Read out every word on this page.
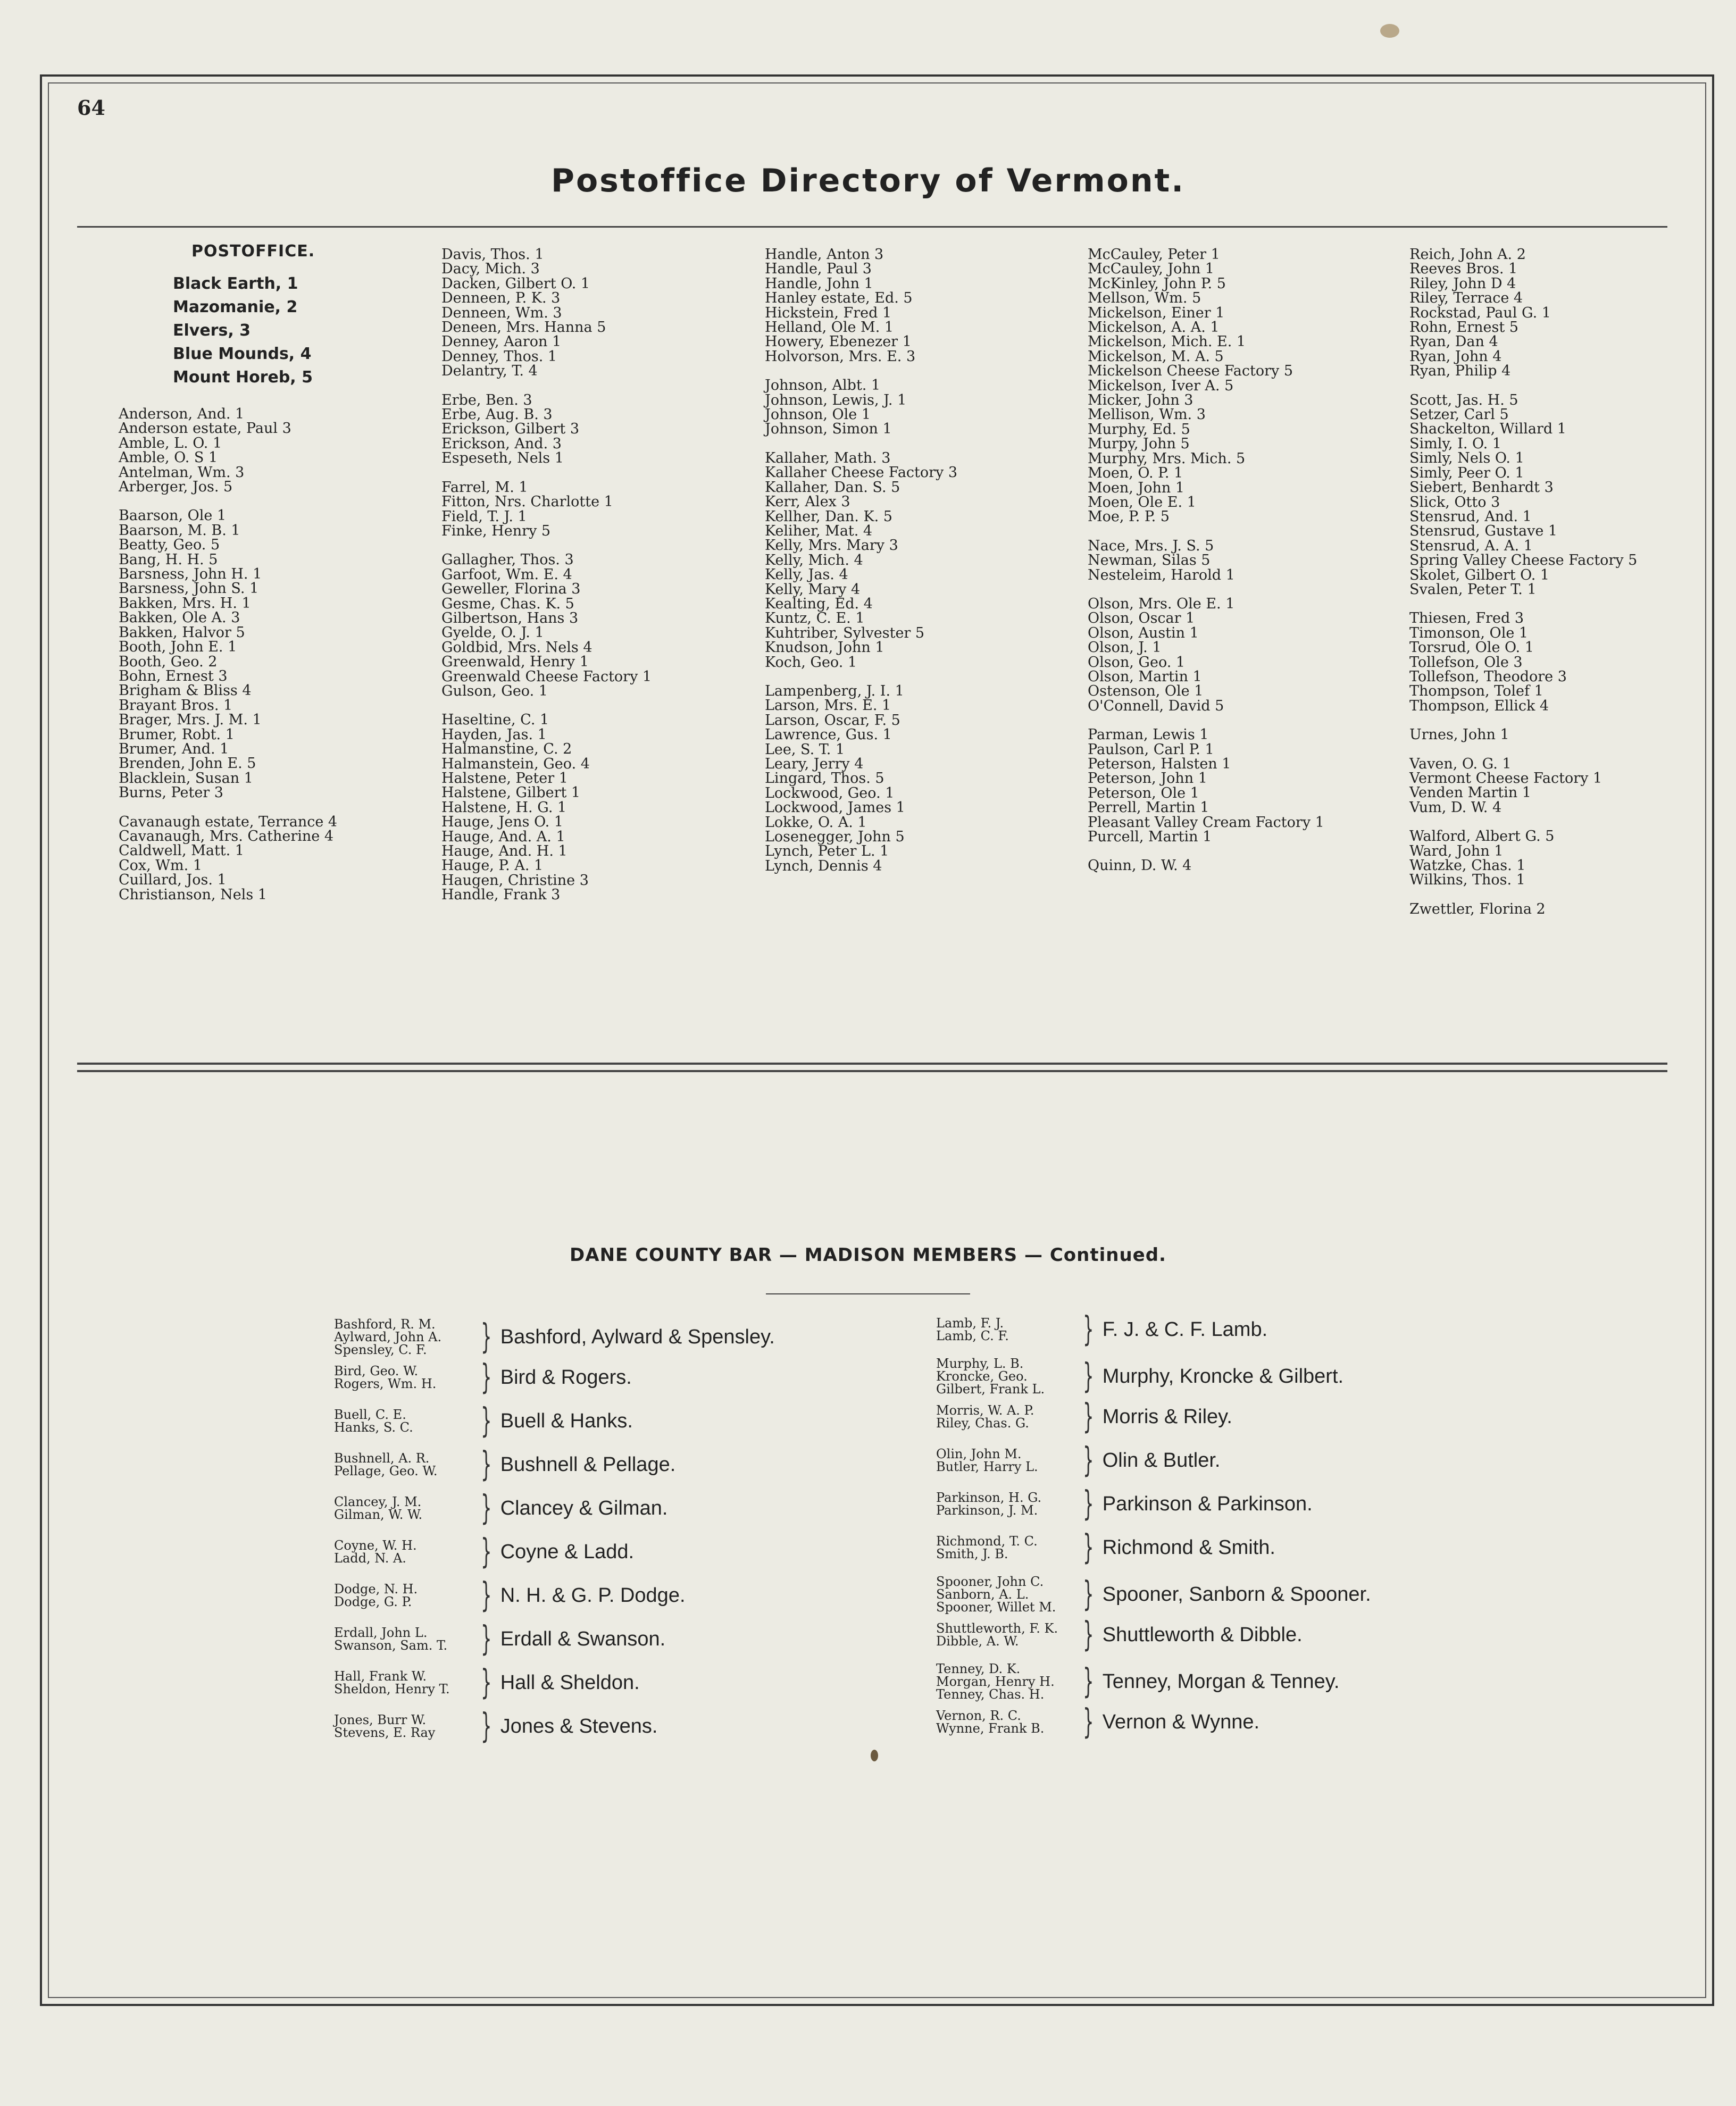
64
Postoffice Directory of Vermont.
POSTOFFICE.
Black Earth, 1
Mazomanie, 2
Elvers, 3
Blue Mounds, 4
Mount Horeb, 5
Anderson, And. 1
Anderson estate, Paul 3
Amble, L. O. 1
Amble, O. S 1
Antelman, Wm. 3
Arberger, Jos. 5
Baarson, Ole 1
Baarson, M. B. 1
Beatty, Geo. 5
Bang, H. H. 5
Barsness, John H. 1
Barsness, John S. 1
Bakken, Mrs. H. 1
Bakken, Ole A. 3
Bakken, Halvor 5
Booth, John E. 1
Booth, Geo. 2
Bohn, Ernest 3
Brigham & Bliss 4
Brayant Bros. 1
Brager, Mrs. J. M. 1
Brumer, Robt. 1
Brumer, And. 1
Brenden, John E. 5
Blacklein, Susan 1
Burns, Peter 3
Cavanaugh estate, Terrance 4
Cavanaugh, Mrs. Catherine 4
Caldwell, Matt. 1
Cox, Wm. 1
Cuillard, Jos. 1
Christianson, Nels 1
Davis, Thos. 1
Dacy, Mich. 3
Dacken, Gilbert O. 1
Denneen, P. K. 3
Denneen, Wm. 3
Deneen, Mrs. Hanna 5
Denney, Aaron 1
Denney, Thos. 1
Delantry, T. 4
Erbe, Ben. 3
Erbe, Aug. B. 3
Erickson, Gilbert 3
Erickson, And. 3
Espeseth, Nels 1
Farrel, M. 1
Fitton, Nrs. Charlotte 1
Field, T. J. 1
Finke, Henry 5
Gallagher, Thos. 3
Garfoot, Wm. E. 4
Geweller, Florina 3
Gesme, Chas. K. 5
Gilbertson, Hans 3
Gyelde, O. J. 1
Goldbid, Mrs. Nels 4
Greenwald, Henry 1
Greenwald Cheese Factory 1
Gulson, Geo. 1
Haseltine, C. 1
Hayden, Jas. 1
Halmanstine, C. 2
Halmanstein, Geo. 4
Halstene, Peter 1
Halstene, Gilbert 1
Halstene, H. G. 1
Hauge, Jens O. 1
Hauge, And. A. 1
Hauge, And. H. 1
Hauge, P. A. 1
Haugen, Christine 3
Handle, Frank 3
Handle, Anton 3
Handle, Paul 3
Handle, John 1
Hanley estate, Ed. 5
Hickstein, Fred 1
Helland, Ole M. 1
Howery, Ebenezer 1
Holvorson, Mrs. E. 3
Johnson, Albt. 1
Johnson, Lewis, J. 1
Johnson, Ole 1
Johnson, Simon 1
Kallaher, Math. 3
Kallaher Cheese Factory 3
Kallaher, Dan. S. 5
Kerr, Alex 3
Kellher, Dan. K. 5
Keliher, Mat. 4
Kelly, Mrs. Mary 3
Kelly, Mich. 4
Kelly, Jas. 4
Kelly, Mary 4
Kealting, Ed. 4
Kuntz, C. E. 1
Kuhtriber, Sylvester 5
Knudson, John 1
Koch, Geo. 1
Lampenberg, J. I. 1
Larson, Mrs. E. 1
Larson, Oscar, F. 5
Lawrence, Gus. 1
Lee, S. T. 1
Leary, Jerry 4
Lingard, Thos. 5
Lockwood, Geo. 1
Lockwood, James 1
Lokke, O. A. 1
Losenegger, John 5
Lynch, Peter L. 1
Lynch, Dennis 4
McCauley, Peter 1
McCauley, John 1
McKinley, John P. 5
Mellson, Wm. 5
Mickelson, Einer 1
Mickelson, A. A. 1
Mickelson, Mich. E. 1
Mickelson, M. A. 5
Mickelson Cheese Factory 5
Mickelson, Iver A. 5
Micker, John 3
Mellison, Wm. 3
Murphy, Ed. 5
Murpy, John 5
Murphy, Mrs. Mich. 5
Moen, O. P. 1
Moen, John 1
Moen, Ole E. 1
Moe, P. P. 5
Nace, Mrs. J. S. 5
Newman, Silas 5
Nesteleim, Harold 1
Olson, Mrs. Ole E. 1
Olson, Oscar 1
Olson, Austin 1
Olson, J. 1
Olson, Geo. 1
Olson, Martin 1
Ostenson, Ole 1
O'Connell, David 5
Parman, Lewis 1
Paulson, Carl P. 1
Peterson, Halsten 1
Peterson, John 1
Peterson, Ole 1
Perrell, Martin 1
Pleasant Valley Cream Factory 1
Purcell, Martin 1
Quinn, D. W. 4
Reich, John A. 2
Reeves Bros. 1
Riley, John D 4
Riley, Terrace 4
Rockstad, Paul G. 1
Rohn, Ernest 5
Ryan, Dan 4
Ryan, John 4
Ryan, Philip 4
Scott, Jas. H. 5
Setzer, Carl 5
Shackelton, Willard 1
Simly, I. O. 1
Simly, Nels O. 1
Simly, Peer O. 1
Siebert, Benhardt 3
Slick, Otto 3
Stensrud, And. 1
Stensrud, Gustave 1
Stensrud, A. A. 1
Spring Valley Cheese Factory 5
Skolet, Gilbert O. 1
Svalen, Peter T. 1
Thiesen, Fred 3
Timonson, Ole 1
Torsrud, Ole O. 1
Tollefson, Ole 3
Tollefson, Theodore 3
Thompson, Tolef 1
Thompson, Ellick 4
Urnes, John 1
Vaven, O. G. 1
Vermont Cheese Factory 1
Venden Martin 1
Vum, D. W. 4
Walford, Albert G. 5
Ward, John 1
Watzke, Chas. 1
Wilkins, Thos. 1
Zwettler, Florina 2
DANE COUNTY BAR — MADISON MEMBERS — Continued.
Bashford, R. M.
Aylward, John A.
Spensley, C. F.	} Bashford, Aylward & Spensley.
Bird, Geo. W.
Rogers, Wm. H.	} Bird & Rogers.
Buell, C. E.
Hanks, S. C.	} Buell & Hanks.
Bushnell, A. R.
Pellage, Geo. W.	} Bushnell & Pellage.
Clancey, J. M.
Gilman, W. W.	} Clancey & Gilman.
Coyne, W. H.
Ladd, N. A.	} Coyne & Ladd.
Dodge, N. H.
Dodge, G. P.	} N. H. & G. P. Dodge.
Erdall, John L.
Swanson, Sam. T. } Erdall & Swanson.
Hall, Frank W.
Sheldon, Henry T. } Hall & Sheldon.
Jones, Burr W.
Stevens, E. Ray	} Jones & Stevens.
Lamb, F. J.
Lamb, C. F.	} F. J. & C. F. Lamb.
Murphy, L. B.
Kroncke, Geo.
Gilbert, Frank L.	} Murphy, Kroncke & Gilbert.
Morris, W. A. P.
Riley, Chas. G.	} Morris & Riley.
Olin, John M.
Butler, Harry L.	} Olin & Butler.
Parkinson, H. G.
Parkinson, J. M.	} Parkinson & Parkinson.
Richmond, T. C.
Smith, J. B.	} Richmond & Smith.
Spooner, John C.
Sanborn, A. L.
Spooner, Willet M. } Spooner, Sanborn & Spooner.
Shuttleworth, F. K.
Dibble, A. W.	} Shuttleworth & Dibble.
Tenney, D. K.
Morgan, Henry H.
Tenney, Chas. H.	} Tenney, Morgan & Tenney.
Vernon, R. C.
Wynne, Frank B.	} Vernon & Wynne.
